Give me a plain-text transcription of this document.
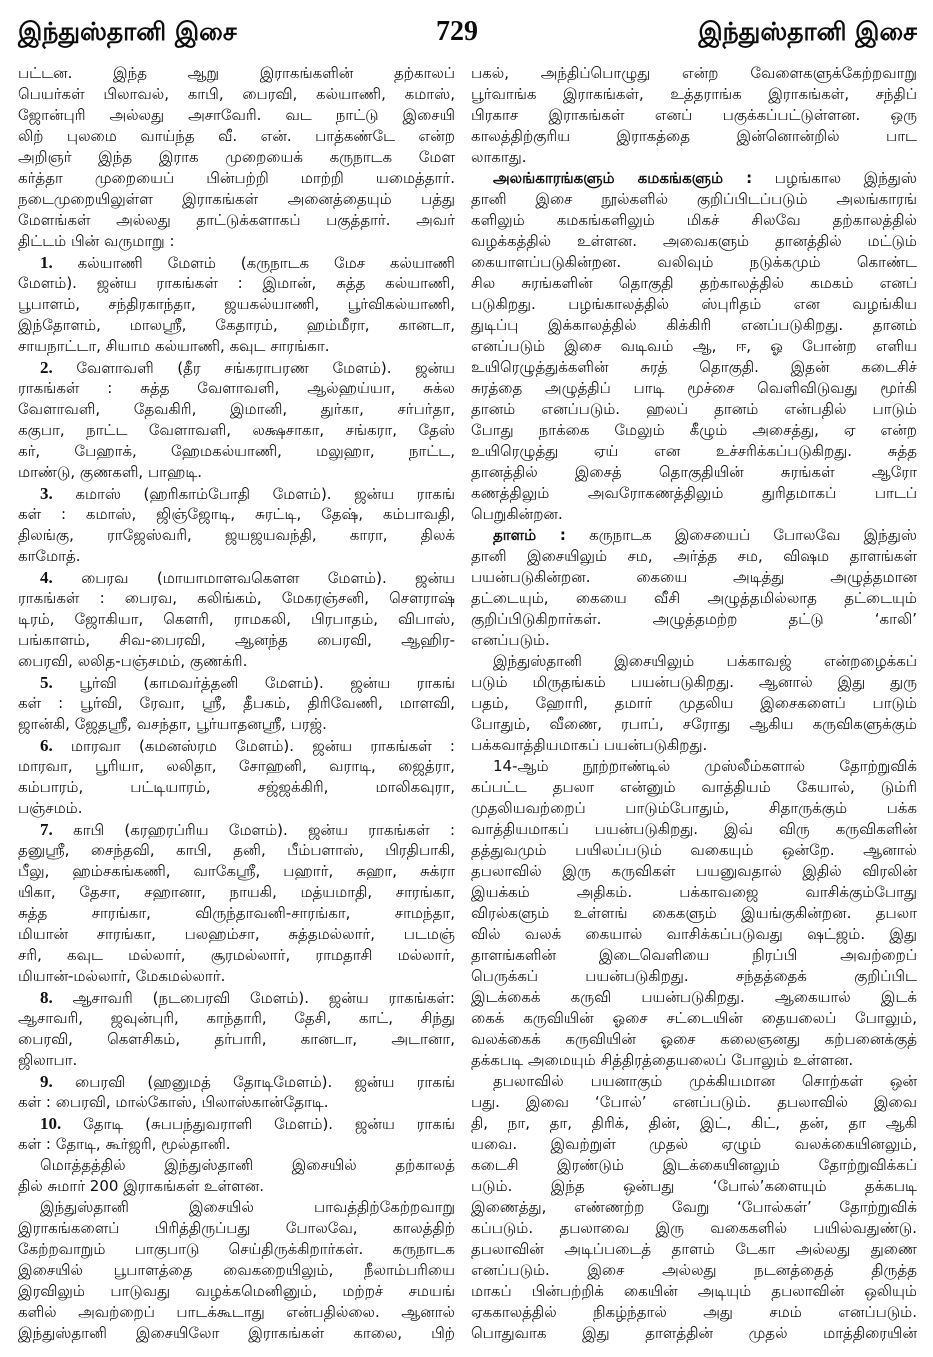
இந்துஸ்தானி இசை	729	இந்துஸ்தானி இசை
பட்டன. இந்த ஆறு இராகங்களின் தற்காலப்
பெயர்கள் பிலாவல், காபி, பைரவி, கல்யாணி, கமாஸ்,
ஜோன்புரி அல்லது அசாவேரி. வட நாட்டு இசையி
லிற் புலமை வாய்ந்த வீ. என். பாத்கண்டே என்ற
அறிஞர் இந்த இராக முறையைக் கருநாடக மேள
கர்த்தா முறையைப் பின்பற்றி மாற்றி யமைத்தார்.
நடைமுறையிலுள்ள இராகங்கள் அனைத்தையும் பத்து
மேளங்கள் அல்லது தாட்டுக்களாகப் பகுத்தார். அவர்
திட்டம் பின் வருமாறு :
1. கல்யாணி மேளம் (கருநாடக மேச கல்யாணி
மேளம்). ஜன்ய ராகங்கள் : இமான், சுத்த கல்யாணி,
பூபாளம், சந்திரகாந்தா, ஜயகல்யாணி, பூர்விகல்யாணி,
இந்தோளம், மாலஸ்ரீ, கேதாரம், ஹம்மீரா, கானடா,
சாயநாட்டா, சியாம கல்யாணி, கவுட சாரங்கா.
2. வேளாவளி (தீர சங்கராபரண மேளம்). ஜன்ய
ராகங்கள் : சுத்த வேளாவளி, ஆல்ஹய்யா, சுக்ல
வேளாவளி, தேவகிரி, இமானி, துர்கா, சர்பர்தா,
ககுபா, நாட்ட வேளாவளி, லக்ஷசாகா, சங்கரா, தேஸ்
கர், பேஹாக், ஹேமகல்யாணி, மலுஹா, நாட்ட,
மாண்டு, குணகளி, பாஹடி.
3. கமாஸ் (ஹரிகாம்போதி மேளம்). ஜன்ய ராகங்
கள் : கமாஸ், ஜிஞ்ஜோடி, சுரட்டி, தேஷ், கம்பாவதி,
திலங்கு, ராஜேஸ்வரி, ஜயஜயவந்தி, காரா, திலக்
காமோத்.
4. பைரவ (மாயாமாளவகௌள மேளம்). ஜன்ய
ராகங்கள் : பைரவ, கலிங்கம், மேகரஞ்சனி, சௌராஷ்
டிரம், ஜோகியா, கௌரி, ராமகலி, பிரபாதம், விபாஸ்,
பங்காளம், சிவ-பைரவி, ஆனந்த பைரவி, ஆஹிர-
பைரவி, லலித-பஞ்சமம், குணக்ரி.
5. பூர்வி (காமவர்த்தனி மேளம்). ஜன்ய ராகங்
கள் : பூர்வி, ரேவா, ஸ்ரீ, தீபகம், திரிவேணி, மாளவி,
ஜான்கி, ஜேதஸ்ரீ, வசந்தா, பூர்யாதனஸ்ரீ, பரஜ்.
6. மாரவா (கமனஸ்ரம மேளம்). ஜன்ய ராகங்கள் :
மாரவா, பூரியா, லலிதா, சோஹனி, வராடி, ஜைத்ரா,
கம்பாரம், பட்டியாரம், சஜ்ஜக்கிரி, மாலிகவுரா,
பஞ்சமம்.
7. காபி (கரஹரப்ரிய மேளம்). ஜன்ய ராகங்கள் :
தனுஸ்ரீ, சைந்தவி, காபி, தனி, பீம்பளாஸ், பிரதிபாகி,
பீலு, ஹம்சகங்கணி, வாகேஸ்ரீ, பஹார், சுஹா, சுக்ரா
யிகா, தேசா, சஹானா, நாயகி, மத்யமாதி, சாரங்கா,
சுத்த சாரங்கா, விருந்தாவனி-சாரங்கா, சாமந்தா,
மியான் சாரங்கா, பலஹம்சா, சுத்தமல்லார், படமஞ்
சரி, கவுட மல்லார், சூரமல்லார், ராமதாசி மல்லார்,
மியான்-மல்லார், மேகமல்லார்.
8. ஆசாவரி (நடபைரவி மேளம்). ஜன்ய ராகங்கள்:
ஆசாவரி, ஜவுன்புரி, காந்தாரி, தேசி, காட், சிந்து
பைரவி, கௌசிகம், தர்பாரி, கானடா, அடானா,
ஜிலாபா.
9. பைரவி (ஹனுமத் தோடிமேளம்). ஜன்ய ராகங்
கள் : பைரவி, மால்கோஸ், பிலாஸ்கான்தோடி.
10. தோடி (சுபபந்துவராளி மேளம்). ஜன்ய ராகங்
கள் : தோடி, கூர்ஜரி, மூல்தானி.
மொத்தத்தில் இந்துஸ்தானி இசையில் தற்காலத்
தில் சுமார் 200 இராகங்கள் உள்ளன.
இந்துஸ்தானி இசையில் பாவத்திற்கேற்றவாறு
இராகங்களைப் பிரித்திருப்பது போலவே, காலத்திற்
கேற்றவாறும் பாகுபாடு செய்திருக்கிறார்கள். கருநாடக
இசையில் பூபாளத்தை வைகறையிலும், நீலாம்பரியை
இரவிலும் பாடுவது வழக்கமெனினும், மற்றச் சமயங்
களில் அவற்றைப் பாடக்கூடாது என்பதில்லை. ஆனால்
இந்துஸ்தானி இசையிலோ இராகங்கள் காலை, பிற்
பகல், அந்திப்பொழுது என்ற வேளைகளுக்கேற்றவாறு
பூர்வாங்க இராகங்கள், உத்தராங்க இராகங்கள், சந்திப்
பிரகாச இராகங்கள் எனப் பகுக்கப்பட்டுள்ளன. ஒரு
காலத்திற்குரிய இராகத்தை இன்னொன்றில் பாட
லாகாது.
அலங்காரங்களும் கமகங்களும் : பழங்கால இந்துஸ்
தானி இசை நூல்களில் குறிப்பிடப்படும் அலங்காரங்
களிலும் கமகங்களிலும் மிகச் சிலவே தற்காலத்தில்
வழக்கத்தில் உள்ளன. அவைகளும் தானத்தில் மட்டும்
கையாளப்படுகின்றன. வலிவும் நடுக்கமும் கொண்ட
சில சுரங்களின் தொகுதி தற்காலத்தில் கமகம் எனப்
படுகிறது. பழங்காலத்தில் ஸ்புரிதம் என வழங்கிய
துடிப்பு இக்காலத்தில் கிக்கிரி எனப்படுகிறது. தானம்
எனப்படும் இசை வடிவம் ஆ, ஈ, ஓ போன்ற எளிய
உயிரெழுத்துக்களின் சுரத் தொகுதி. இதன் கடைசிச்
சுரத்தை அழுத்திப் பாடி மூச்சை வெளிவிடுவது மூர்கி
தானம் எனப்படும். ஹலப் தானம் என்பதில் பாடும்
போது நாக்கை மேலும் கீழும் அசைத்து, ஏ என்ற
உயிரெழுத்து ஏய் என உச்சரிக்கப்படுகிறது. சுத்த
தானத்தில் இசைத் தொகுதியின் சுரங்கள் ஆரோ
கணத்திலும் அவரோகணத்திலும் துரிதமாகப் பாடப்
பெறுகின்றன.
தாளம் : கருநாடக இசையைப் போலவே இந்துஸ்
தானி இசையிலும் சம, அர்த்த சம, விஷம தாளங்கள்
பயன்படுகின்றன. கையை அடித்து அழுத்தமான
தட்டையும், கையை வீசி அழுத்தமில்லாத தட்டையும்
குறிப்பிடுகிறார்கள். அழுத்தமற்ற தட்டு ‘காலி’
எனப்படும்.
இந்துஸ்தானி இசையிலும் பக்காவஜ் என்றழைக்கப்
படும் மிருதங்கம் பயன்படுகிறது. ஆனால் இது துரு
பதம், ஹோரி, தமார் முதலிய இசைகளைப் பாடும்
போதும், வீணை, ரபாப், சரோது ஆகிய கருவிகளுக்கும்
பக்கவாத்தியமாகப் பயன்படுகிறது.
14-ஆம் நூற்றாண்டில் முஸ்லீம்களால் தோற்றுவிக்
கப்பட்ட தபலா என்னும் வாத்தியம் கேயால், டும்ரி
முதலியவற்றைப் பாடும்போதும், சிதாருக்கும் பக்க
வாத்தியமாகப் பயன்படுகிறது. இவ் விரு கருவிகளின்
தத்துவமும் பயிலப்படும் வகையும் ஒன்றே. ஆனால்
தபலாவில் இரு கருவிகள் பயனுவதால் இதில் விரலின்
இயக்கம் அதிகம். பக்காவஜை வாசிக்கும்போது
விரல்களும் உள்ளங் கைகளும் இயங்குகின்றன. தபலா
வில் வலக் கையால் வாசிக்கப்படுவது ஷட்ஜம். இது
தாளங்களின் இடைவெளியை நிரப்பி அவற்றைப்
பெருக்கப் பயன்படுகிறது. சந்தத்தைக் குறிப்பிட
இடக்கைக் கருவி பயன்படுகிறது. ஆகையால் இடக்
கைக் கருவியின் ஓசை சட்டையின் தையலைப் போலும்,
வலக்கைக் கருவியின் ஓசை கலைஞனது கற்பனைக்குத்
தக்கபடி அமையும் சித்திரத்தையலைப் போலும் உள்ளன.
தபலாவில் பயனாகும் முக்கியமான சொற்கள் ஒன்
பது. இவை ‘போல்’ எனப்படும். தபலாவில் இவை
தி, நா, தா, திரிக், தின், இட், கிட், தன், தா ஆகி
யவை. இவற்றுள் முதல் ஏழும் வலக்கையினலும்,
கடைசி இரண்டும் இடக்கையினலும் தோற்றுவிக்கப்
படும். இந்த ஒன்பது ‘போல்’களையும் தக்கபடி
இணைத்து, எண்ணற்ற வேறு ‘போல்கள்’ தோற்றுவிக்
கப்படும். தபலாவை இரு வகைகளில் பயில்வதுண்டு.
தபலாவின் அடிப்படைத் தாளம் டேகா அல்லது துணை
எனப்படும். இசை அல்லது நடனத்தைத் திருத்த
மாகப் பின்பற்றிக் கையின் அடியும் தபலாவின் ஒலியும்
ஏககாலத்தில் நிகழ்ந்தால் அது சமம் எனப்படும்.
பொதுவாக இது தாளத்தின் முதல் மாத்திரையின்
